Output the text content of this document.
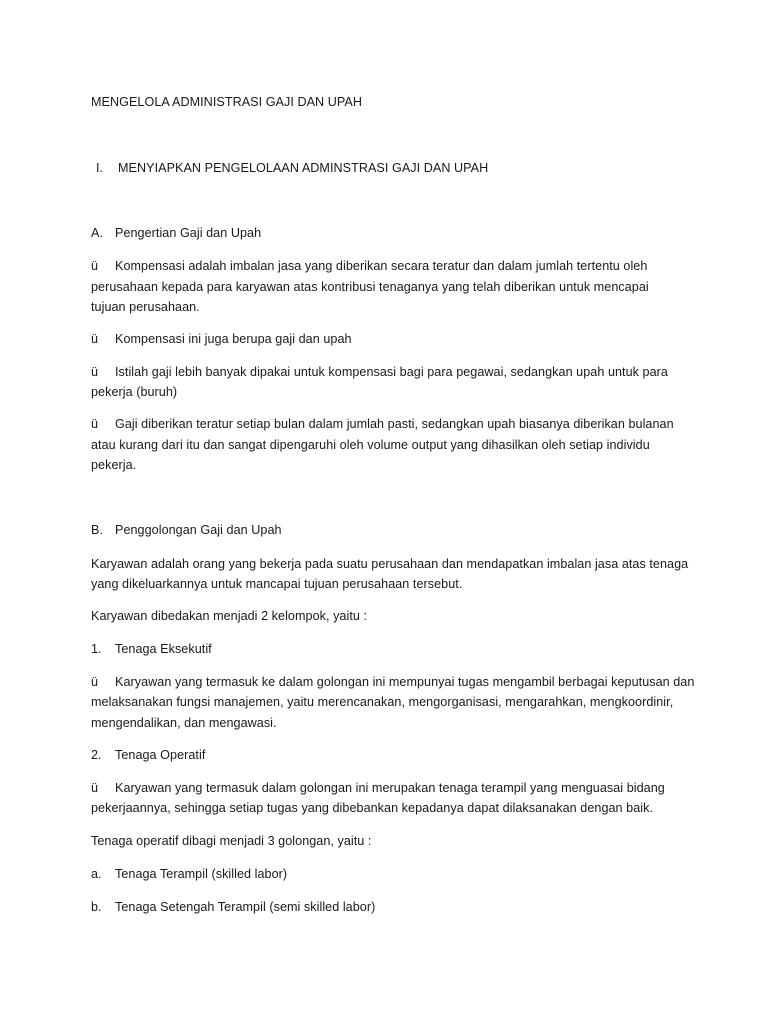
MENGELOLA ADMINISTRASI GAJI DAN UPAH
I. MENYIAPKAN PENGELOLAAN ADMINSTRASI GAJI DAN UPAH
A. Pengertian Gaji dan Upah
ü Kompensasi adalah imbalan jasa yang diberikan secara teratur dan dalam jumlah tertentu oleh
perusahaan kepada para karyawan atas kontribusi tenaganya yang telah diberikan untuk mencapai
tujuan perusahaan.
ü Kompensasi ini juga berupa gaji dan upah
ü Istilah gaji lebih banyak dipakai untuk kompensasi bagi para pegawai, sedangkan upah untuk para
pekerja (buruh)
ü Gaji diberikan teratur setiap bulan dalam jumlah pasti, sedangkan upah biasanya diberikan bulanan
atau kurang dari itu dan sangat dipengaruhi oleh volume output yang dihasilkan oleh setiap individu
pekerja.
B. Penggolongan Gaji dan Upah
Karyawan adalah orang yang bekerja pada suatu perusahaan dan mendapatkan imbalan jasa atas tenaga
yang dikeluarkannya untuk mancapai tujuan perusahaan tersebut.
Karyawan dibedakan menjadi 2 kelompok, yaitu :
1. Tenaga Eksekutif
ü Karyawan yang termasuk ke dalam golongan ini mempunyai tugas mengambil berbagai keputusan dan
melaksanakan fungsi manajemen, yaitu merencanakan, mengorganisasi, mengarahkan, mengkoordinir,
mengendalikan, dan mengawasi.
2. Tenaga Operatif
ü Karyawan yang termasuk dalam golongan ini merupakan tenaga terampil yang menguasai bidang
pekerjaannya, sehingga setiap tugas yang dibebankan kepadanya dapat dilaksanakan dengan baik.
Tenaga operatif dibagi menjadi 3 golongan, yaitu :
a. Tenaga Terampil (skilled labor)
b. Tenaga Setengah Terampil (semi skilled labor)
